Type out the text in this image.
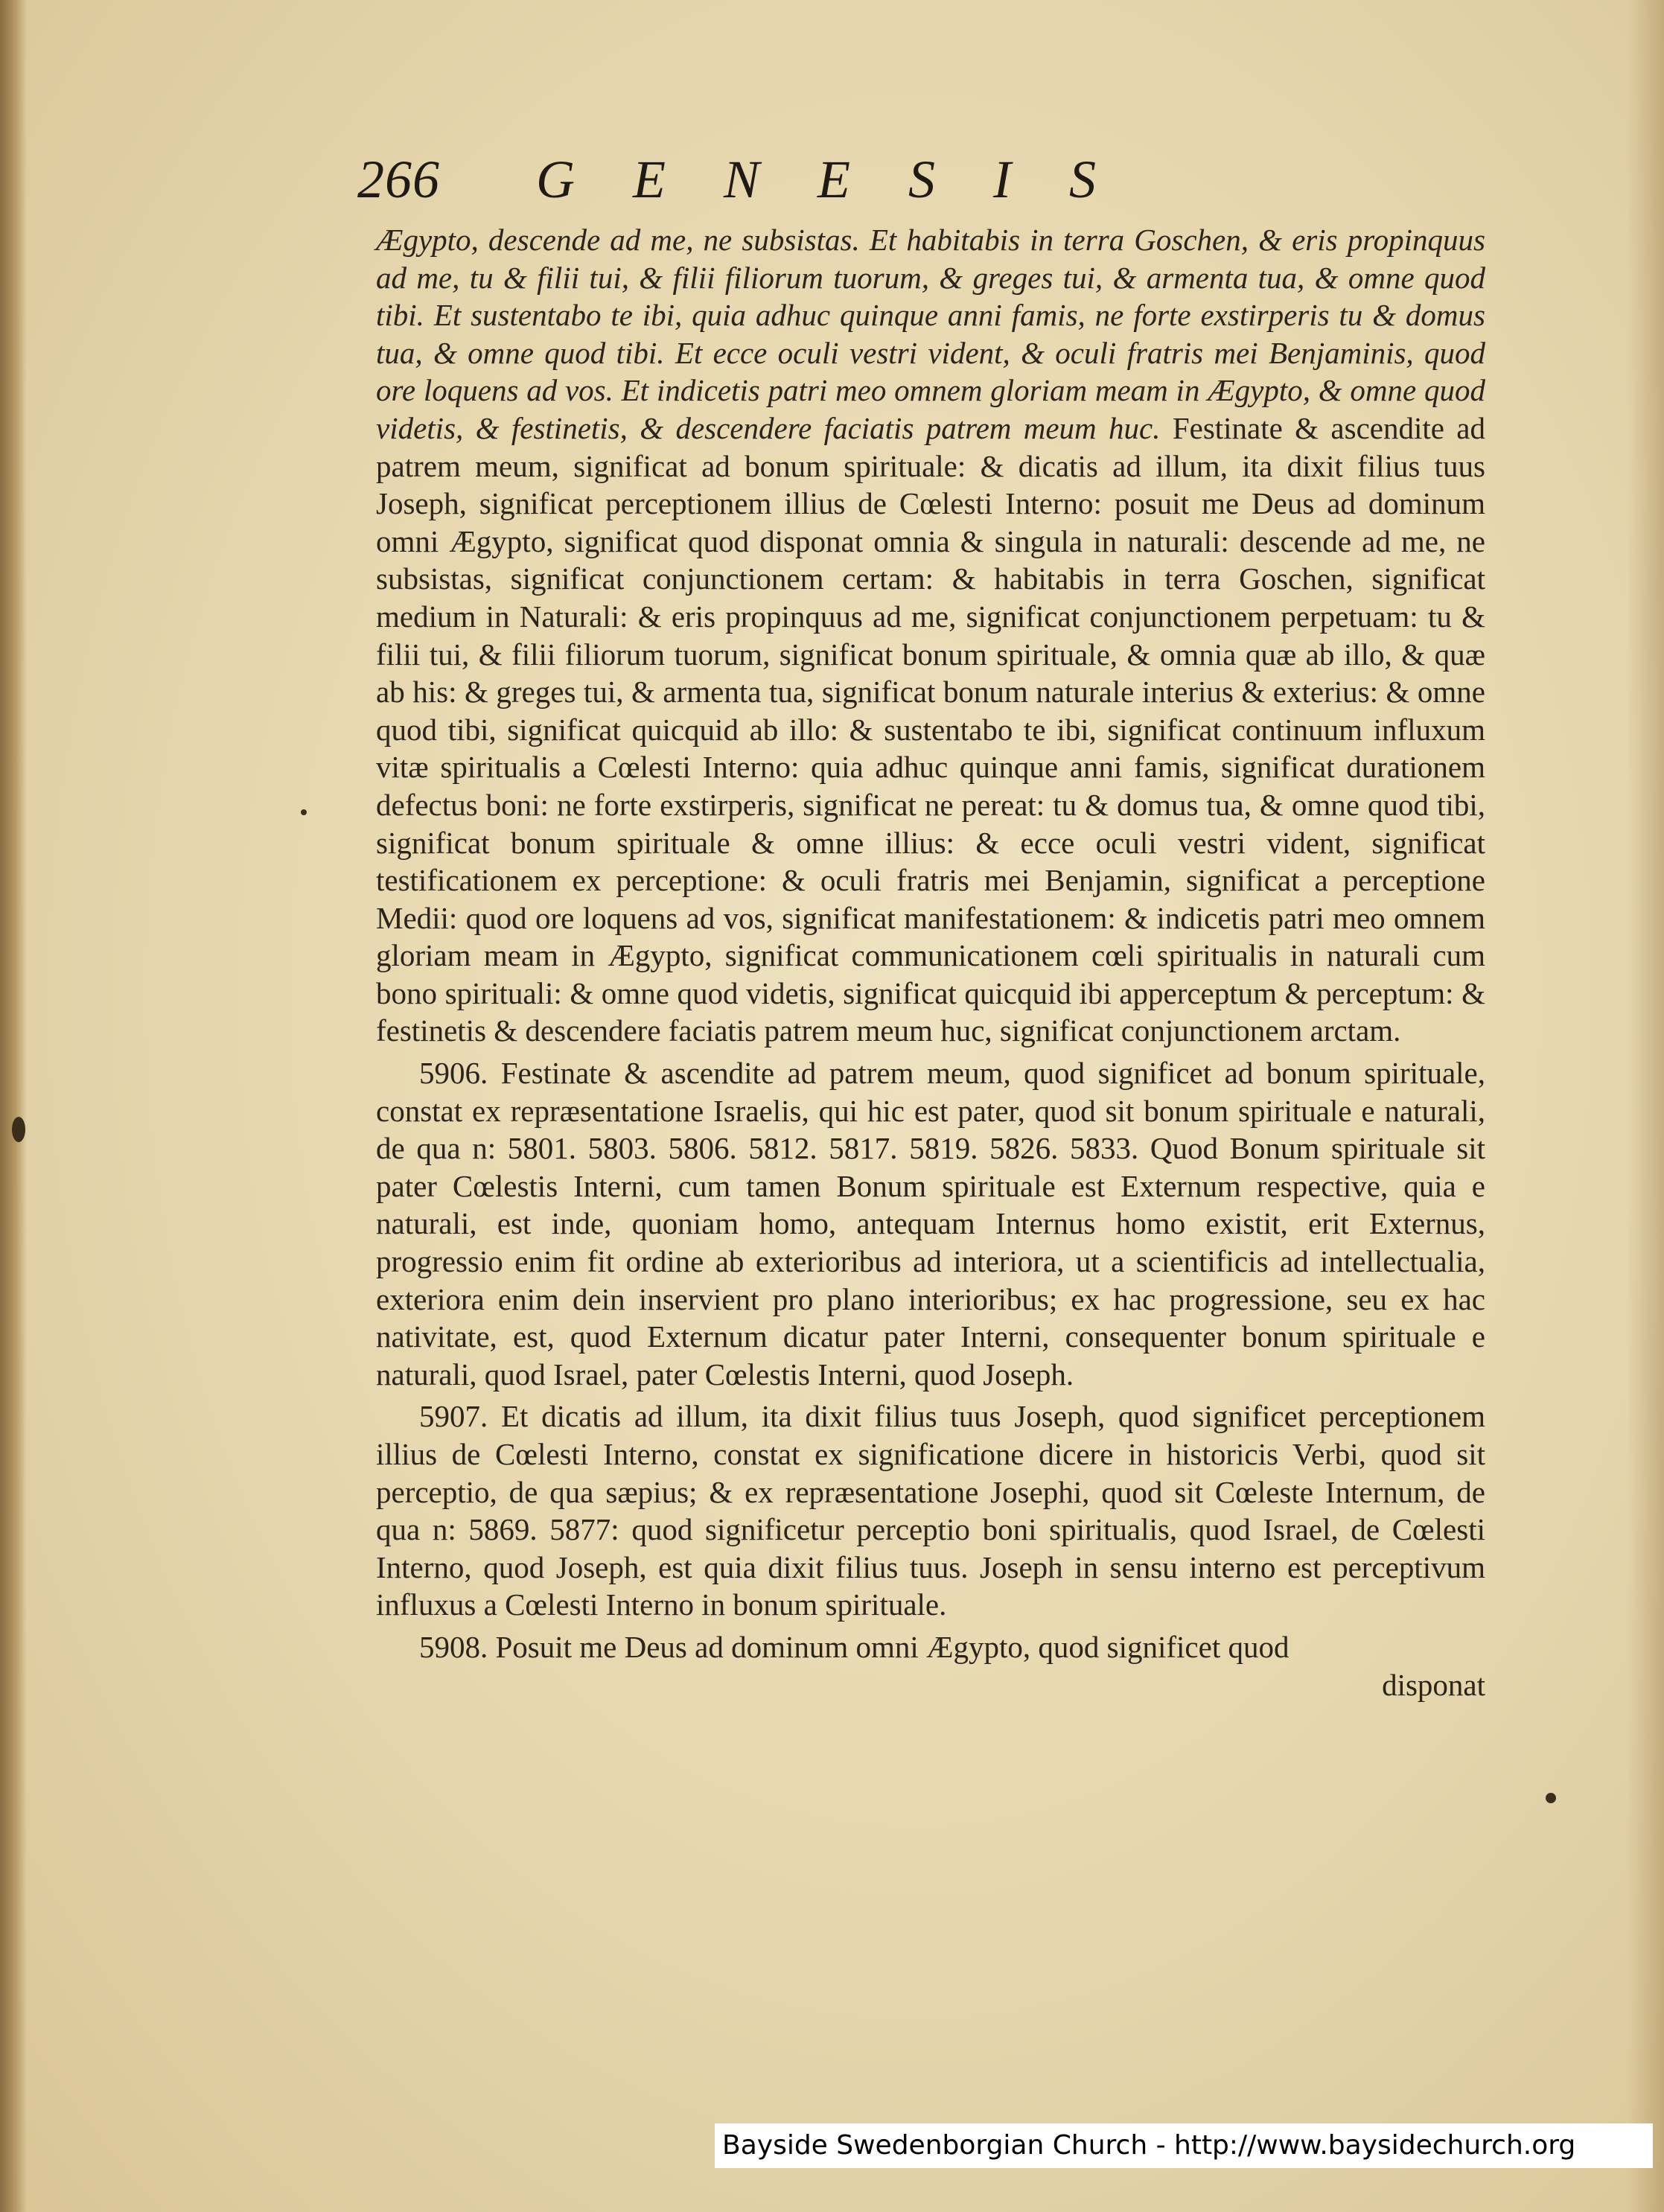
266 GENESIS

Ægypto, descende ad me, ne subsistas. Et habitabis in terra Goschen, & eris propinquus ad me, tu & filii tui, & filii filiorum tuorum, & greges tui, & armenta tua, & omne quod tibi. Et sustentabo te ibi, quia adhuc quinque anni famis, ne forte exstirperis tu & domus tua, & omne quod tibi. Et ecce oculi vestri vident, & oculi fratris mei Benjaminis, quod ore loquens ad vos. Et indicetis patri meo omnem gloriam meam in Ægypto, & omne quod videtis, & festinetis, & descendere faciatis patrem meum huc. Festinate & ascendite ad patrem meum, significat ad bonum spirituale: & dicatis ad illum, ita dixit filius tuus Joseph, significat perceptionem illius de Cœlesti Interno: posuit me Deus ad dominum omni Ægypto, significat quod disponat omnia & singula in naturali: descende ad me, ne subsistas, significat conjunctionem certam: & habitabis in terra Goschen, significat medium in Naturali: & eris propinquus ad me, significat conjunctionem perpetuam: tu & filii tui, & filii filiorum tuorum, significat bonum spirituale, & omnia quæ ab illo, & quæ ab his: & greges tui, & armenta tua, significat bonum naturale interius & exterius: & omne quod tibi, significat quicquid ab illo: & sustentabo te ibi, significat continuum influxum vitæ spiritualis a Cœlesti Interno: quia adhuc quinque anni famis, significat durationem defectus boni: ne forte exstirperis, significat ne pereat: tu & domus tua, & omne quod tibi, significat bonum spirituale & omne illius: & ecce oculi vestri vident, significat testificationem ex perceptione: & oculi fratris mei Benjamin, significat a perceptione Medii: quod ore loquens ad vos, significat manifestationem: & indicetis patri meo omnem gloriam meam in Ægypto, significat communicationem cœli spiritualis in naturali cum bono spirituali: & omne quod videtis, significat quicquid ibi apperceptum & perceptum: & festinetis & descendere faciatis patrem meum huc, significat conjunctionem arctam.

5906. Festinate & ascendite ad patrem meum, quod significet ad bonum spirituale, constat ex repræsentatione Israelis, qui hic est pater, quod sit bonum spirituale e naturali, de qua n: 5801. 5803. 5806. 5812. 5817. 5819. 5826. 5833. Quod Bonum spirituale sit pater Cœlestis Interni, cum tamen Bonum spirituale est Externum respective, quia e naturali, est inde, quoniam homo, antequam Internus homo existit, erit Externus, progressio enim fit ordine ab exterioribus ad interiora, ut a scientificis ad intellectualia, exteriora enim dein inservient pro plano interioribus; ex hac progressione, seu ex hac nativitate, est, quod Externum dicatur pater Interni, consequenter bonum spirituale e naturali, quod Israel, pater Cœlestis Interni, quod Joseph.

5907. Et dicatis ad illum, ita dixit filius tuus Joseph, quod significet perceptionem illius de Cœlesti Interno, constat ex significatione dicere in historicis Verbi, quod sit perceptio, de qua sæpius; & ex repræsentatione Josephi, quod sit Cœleste Internum, de qua n: 5869. 5877: quod significetur perceptio boni spiritualis, quod Israel, de Cœlesti Interno, quod Joseph, est quia dixit filius tuus. Joseph in sensu interno est perceptivum influxus a Cœlesti Interno in bonum spirituale.

5908. Posuit me Deus ad dominum omni Ægypto, quod significet quod

disponat

Bayside Swedenborgian Church - http://www.baysidechurch.org
